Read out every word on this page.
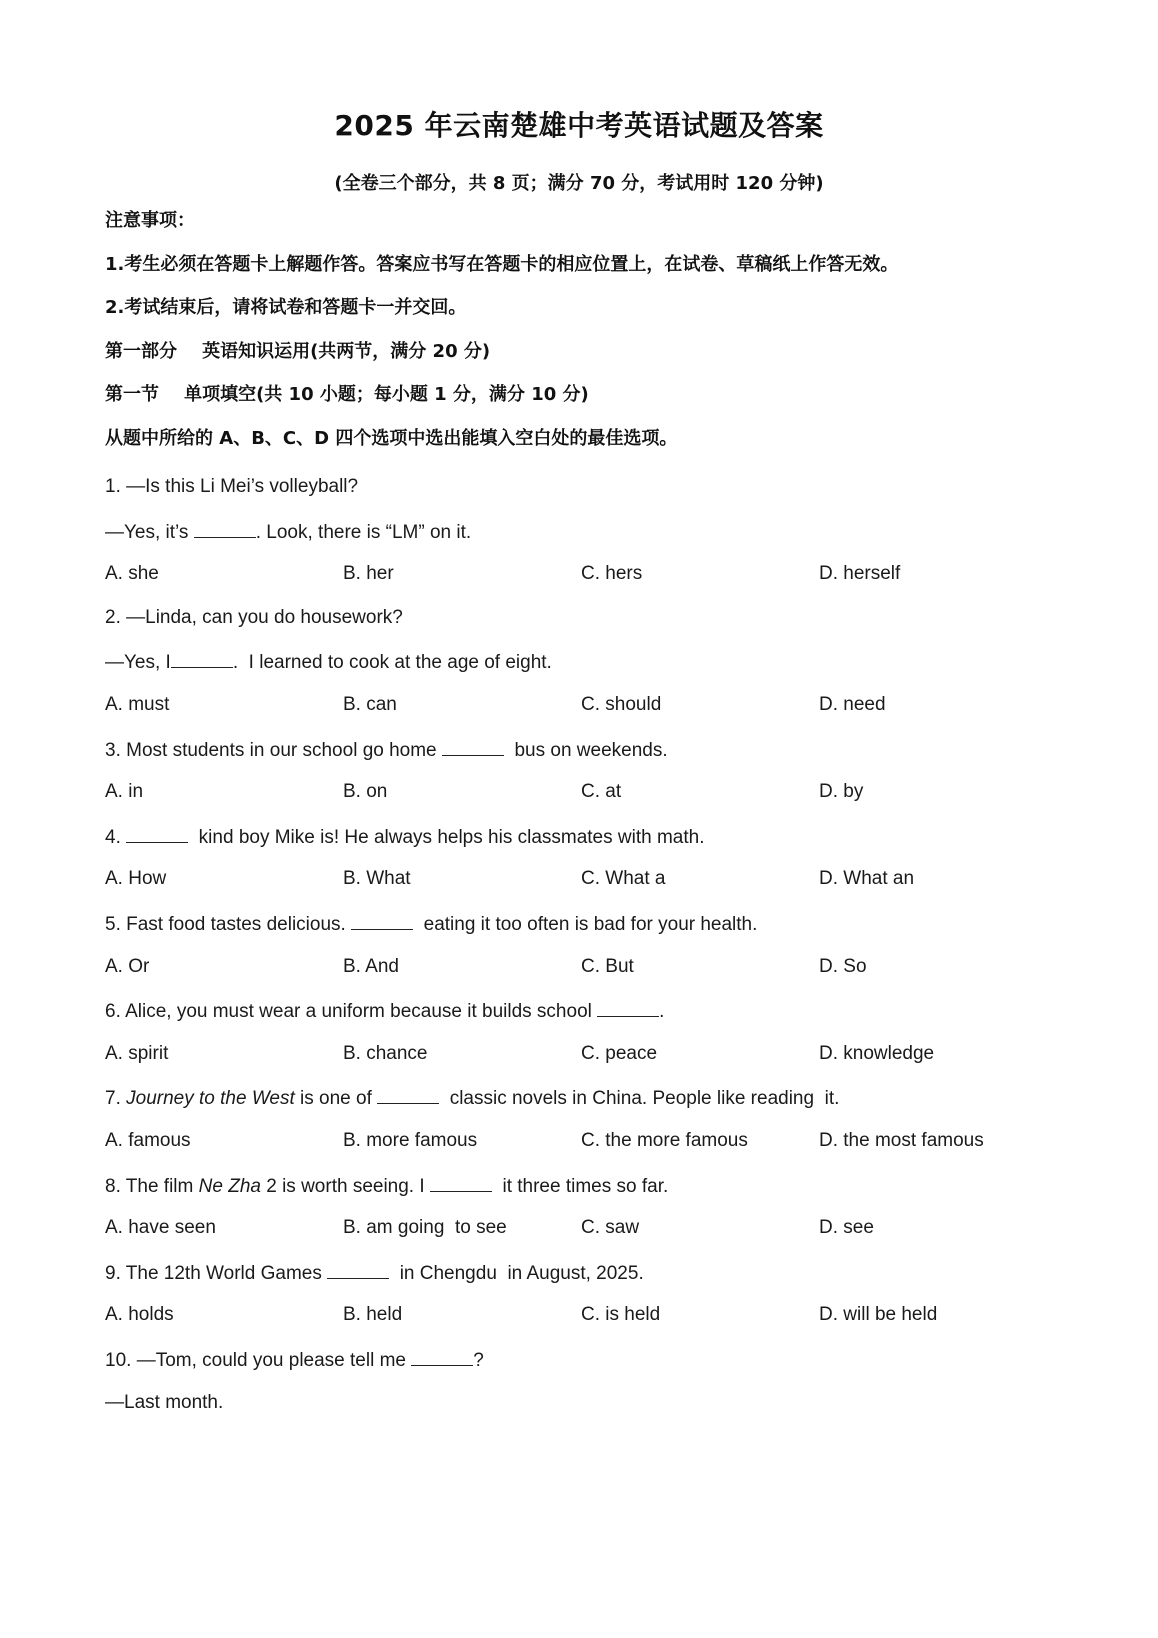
2025 年云南楚雄中考英语试题及答案
(全卷三个部分，共 8 页；满分 70 分，考试用时 120 分钟)
注意事项：
1.考生必须在答题卡上解题作答。答案应书写在答题卡的相应位置上，在试卷、草稿纸上作答无效。
2.考试结束后，请将试卷和答题卡一并交回。
第一部分    英语知识运用(共两节，满分 20 分)
第一节    单项填空(共 10 小题；每小题 1 分，满分 10 分)
从题中所给的 A、B、C、D 四个选项中选出能填入空白处的最佳选项。
1. —Is this Li Mei’s volleyball?
—Yes, it’s	. Look, there is “LM” on it.
A. she	B. her	C. hers	D. herself
2. —Linda, can you do housework?
—Yes, I	.  I learned to cook at the age of eight.
A. must	B. can	C. should	D. need
3. Most students in our school go home	bus on weekends.
A. in	B. on	C. at	D. by
4.	kind boy Mike is! He always helps his classmates with math.
A. How	B. What	C. What a	D. What an
5. Fast food tastes delicious.	eating it too often is bad for your health.
A. Or	B. And	C. But	D. So
6. Alice, you must wear a uniform because it builds school	.
A. spirit	B. chance	C. peace	D. knowledge
7. Journey to the West is one of	classic novels in China. People like reading  it.
A. famous	B. more famous	C. the more famous	D. the most famous
8. The film Ne Zha 2 is worth seeing. I	it three times so far.
A. have seen	B. am going  to see	C. saw	D. see
9. The 12th World Games	in Chengdu  in August, 2025.
A. holds	B. held	C. is held	D. will be held
10. —Tom, could you please tell me	?
—Last month.
